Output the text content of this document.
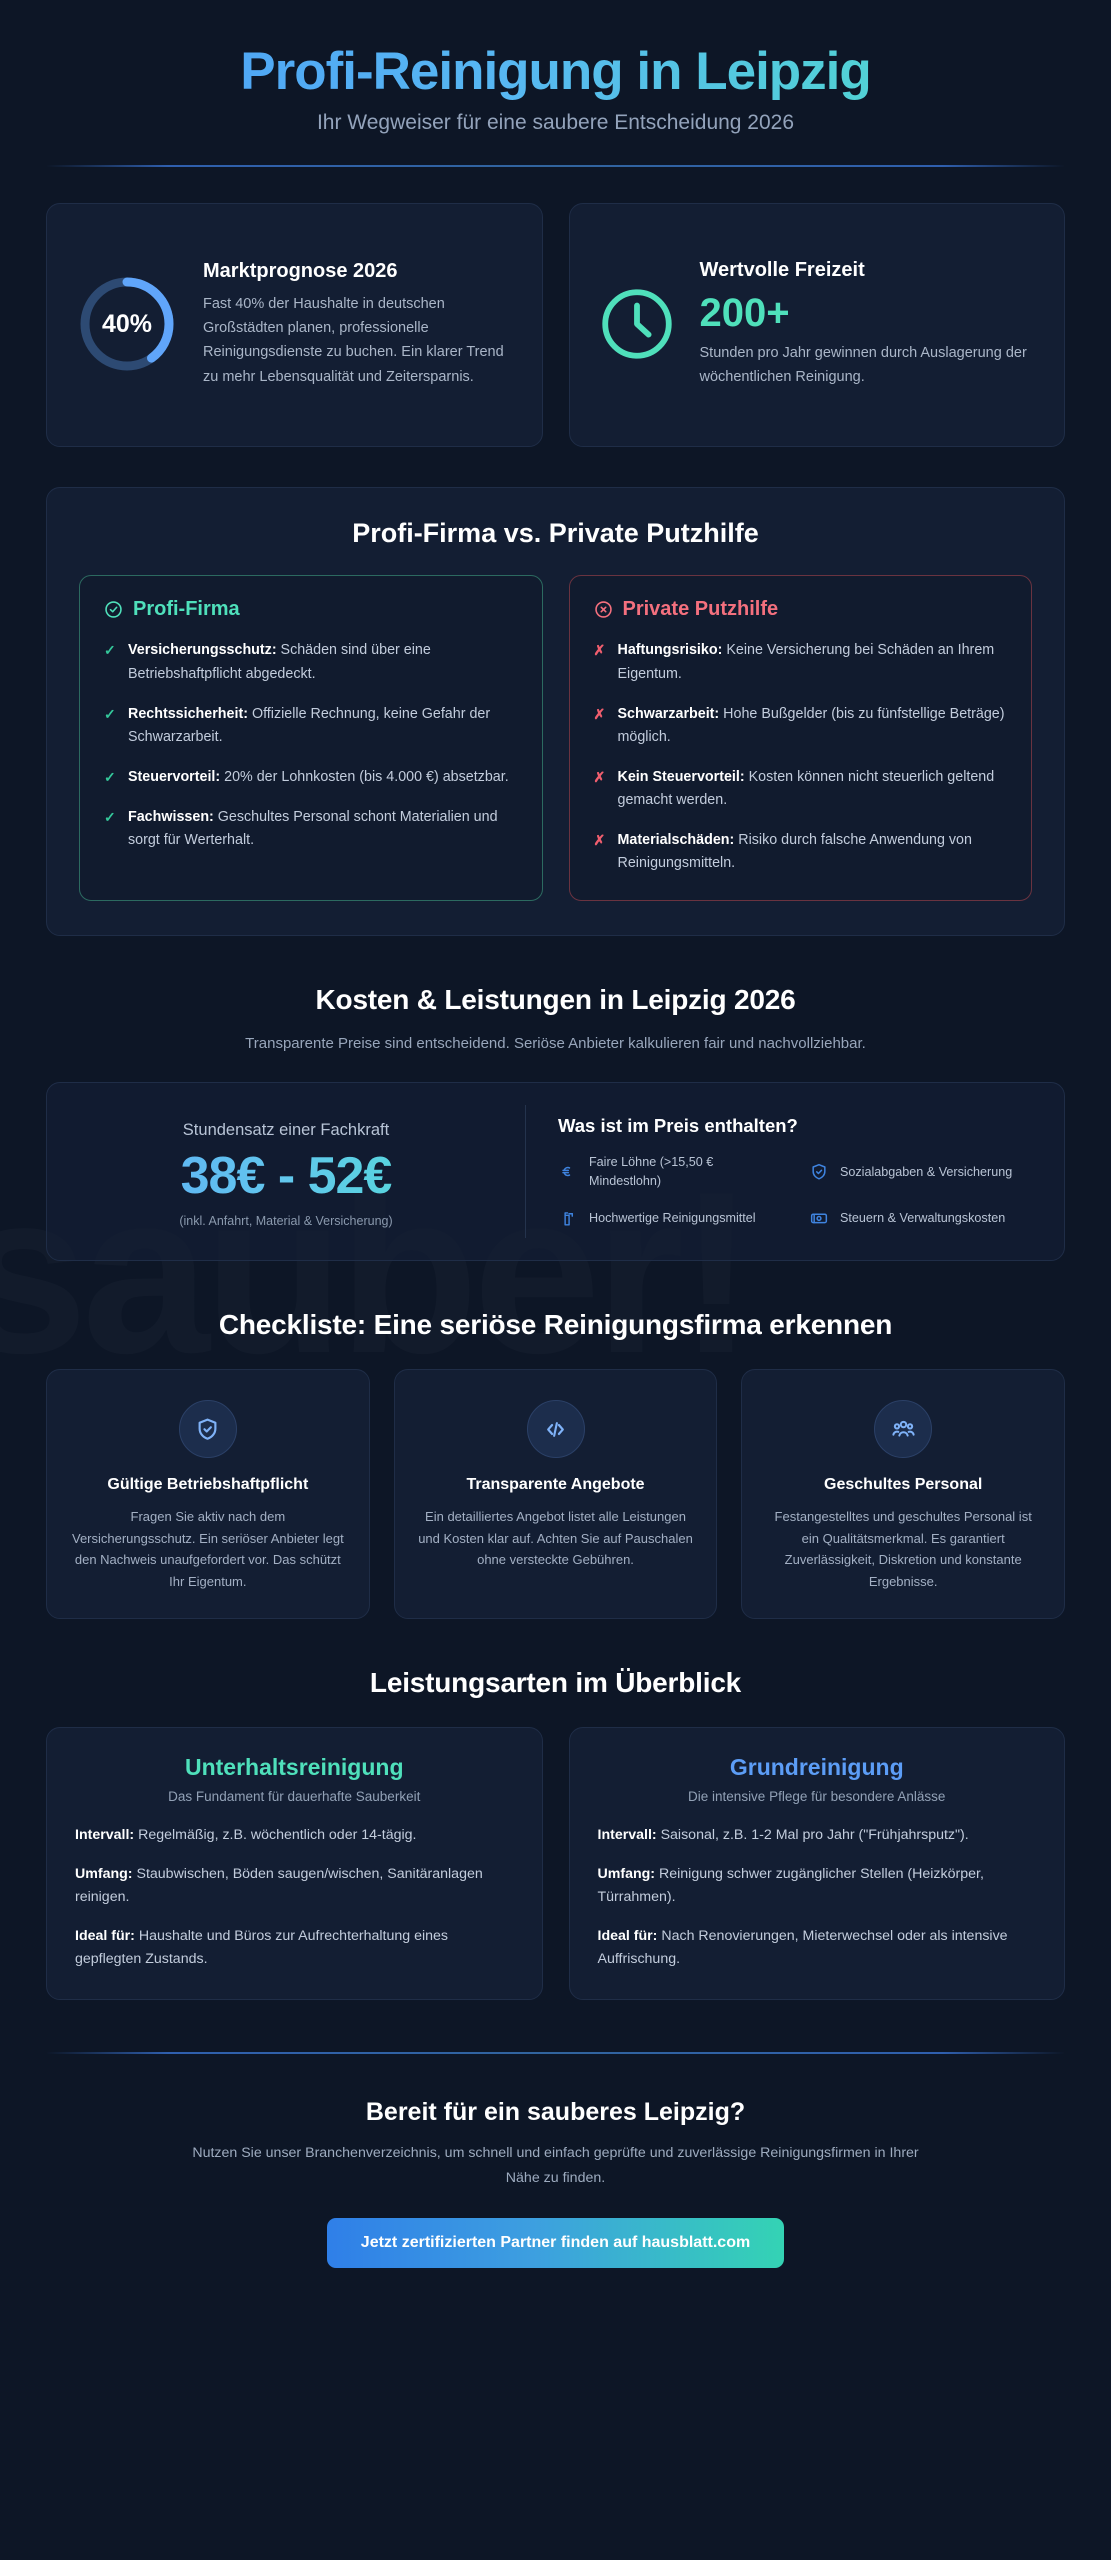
Profi-Reinigung in Leipzig

Ihr Wegweiser für eine saubere Entscheidung 2026

40%
Marktprognose 2026
Fast 40% der Haushalte in deutschen Großstädten planen, professionelle Reinigungsdienste zu buchen. Ein klarer Trend zu mehr Lebensqualität und Zeitersparnis.
Wertvolle Freizeit
200+
Stunden pro Jahr gewinnen durch Auslagerung der wöchentlichen Reinigung.
Profi-Firma vs. Private Putzhilfe
Profi-Firma
✓ Versicherungsschutz: Schäden sind über eine Betriebshaftpflicht abgedeckt.
✓ Rechtssicherheit: Offizielle Rechnung, keine Gefahr der Schwarzarbeit.
✓ Steuervorteil: 20% der Lohnkosten (bis 4.000 €) absetzbar.
✓ Fachwissen: Geschultes Personal schont Materialien und sorgt für Werterhalt.
Private Putzhilfe
✗ Haftungsrisiko: Keine Versicherung bei Schäden an Ihrem Eigentum.
✗ Schwarzarbeit: Hohe Bußgelder (bis zu fünfstellige Beträge) möglich.
✗ Kein Steuervorteil: Kosten können nicht steuerlich geltend gemacht werden.
✗ Materialschäden: Risiko durch falsche Anwendung von Reinigungsmitteln.
Kosten & Leistungen in Leipzig 2026

Transparente Preise sind entscheidend. Seriöse Anbieter kalkulieren fair und nachvollziehbar.

Stundensatz einer Fachkraft
38€ - 52€
(inkl. Anfahrt, Material & Versicherung)
Was ist im Preis enthalten?
Faire Löhne (>15,50 € Mindestlohn)
Sozialabgaben & Versicherung
Hochwertige Reinigungsmittel	Steuern & Verwaltungskosten
Checkliste: Eine seriöse Reinigungsfirma erkennen
Gültige Betriebshaftpflicht
Fragen Sie aktiv nach dem Versicherungsschutz. Ein seriöser Anbieter legt den Nachweis unaufgefordert vor. Das schützt Ihr Eigentum.
Transparente Angebote
Ein detailliertes Angebot listet alle Leistungen und Kosten klar auf. Achten Sie auf Pauschalen ohne versteckte Gebühren.
Geschultes Personal
Festangestelltes und geschultes Personal ist ein Qualitätsmerkmal. Es garantiert Zuverlässigkeit, Diskretion und konstante Ergebnisse.
Leistungsarten im Überblick
Unterhaltsreinigung
Das Fundament für dauerhafte Sauberkeit

Intervall: Regelmäßig, z.B. wöchentlich oder 14-tägig.

Umfang: Staubwischen, Böden saugen/wischen, Sanitäranlagen reinigen.

Ideal für: Haushalte und Büros zur Aufrechterhaltung eines gepflegten Zustands.

Grundreinigung
Die intensive Pflege für besondere Anlässe

Intervall: Saisonal, z.B. 1-2 Mal pro Jahr ("Frühjahrsputz").

Umfang: Reinigung schwer zugänglicher Stellen (Heizkörper, Türrahmen).

Ideal für: Nach Renovierungen, Mieterwechsel oder als intensive Auffrischung.

Bereit für ein sauberes Leipzig?

Nutzen Sie unser Branchenverzeichnis, um schnell und einfach geprüfte und zuverlässige Reinigungsfirmen in Ihrer Nähe zu finden.

Jetzt zertifizierten Partner finden auf hausblatt.com
